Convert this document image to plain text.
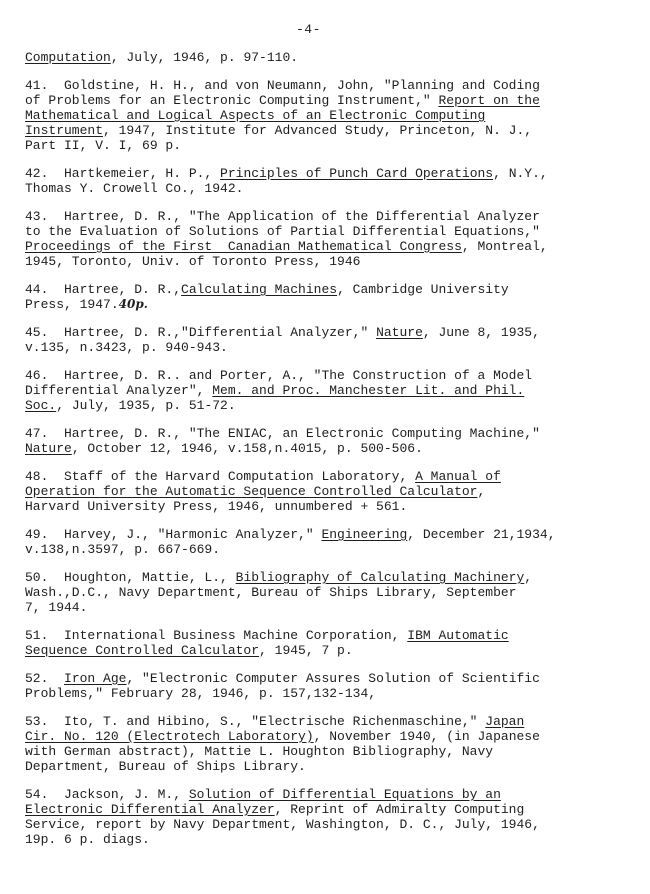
-4-
Computation, July, 1946, p. 97-110.
41.  Goldstine, H. H., and von Neumann, John, "Planning and Coding
of Problems for an Electronic Computing Instrument," Report on the
Mathematical and Logical Aspects of an Electronic Computing
Instrument, 1947, Institute for Advanced Study, Princeton, N. J.,
Part II, V. I, 69 p.
42.  Hartkemeier, H. P., Principles of Punch Card Operations, N.Y.,
Thomas Y. Crowell Co., 1942.
43.  Hartree, D. R., "The Application of the Differential Analyzer
to the Evaluation of Solutions of Partial Differential Equations,"
Proceedings of the First  Canadian Mathematical Congress, Montreal,
1945, Toronto, Univ. of Toronto Press, 1946
44.  Hartree, D. R.,Calculating Machines, Cambridge University
Press, 1947.40p.
45.  Hartree, D. R.,"Differential Analyzer," Nature, June 8, 1935,
v.135, n.3423, p. 940-943.
46.  Hartree, D. R.. and Porter, A., "The Construction of a Model
Differential Analyzer", Mem. and Proc. Manchester Lit. and Phil.
Soc., July, 1935, p. 51-72.
47.  Hartree, D. R., "The ENIAC, an Electronic Computing Machine,"
Nature, October 12, 1946, v.158,n.4015, p. 500-506.
48.  Staff of the Harvard Computation Laboratory, A Manual of
Operation for the Automatic Sequence Controlled Calculator,
Harvard University Press, 1946, unnumbered + 561.
49.  Harvey, J., "Harmonic Analyzer," Engineering, December 21,1934,
v.138,n.3597, p. 667-669.
50.  Houghton, Mattie, L., Bibliography of Calculating Machinery,
Wash.,D.C., Navy Department, Bureau of Ships Library, September
7, 1944.
51.  International Business Machine Corporation, IBM Automatic
Sequence Controlled Calculator, 1945, 7 p.
52.  Iron Age, "Electronic Computer Assures Solution of Scientific
Problems," February 28, 1946, p. 157,132-134,
53.  Ito, T. and Hibino, S., "Electrische Richenmaschine," Japan
Cir. No. 120 (Electrotech Laboratory), November 1940, (in Japanese
with German abstract), Mattie L. Houghton Bibliography, Navy
Department, Bureau of Ships Library.
54.  Jackson, J. M., Solution of Differential Equations by an
Electronic Differential Analyzer, Reprint of Admiralty Computing
Service, report by Navy Department, Washington, D. C., July, 1946,
19p. 6 p. diags.
